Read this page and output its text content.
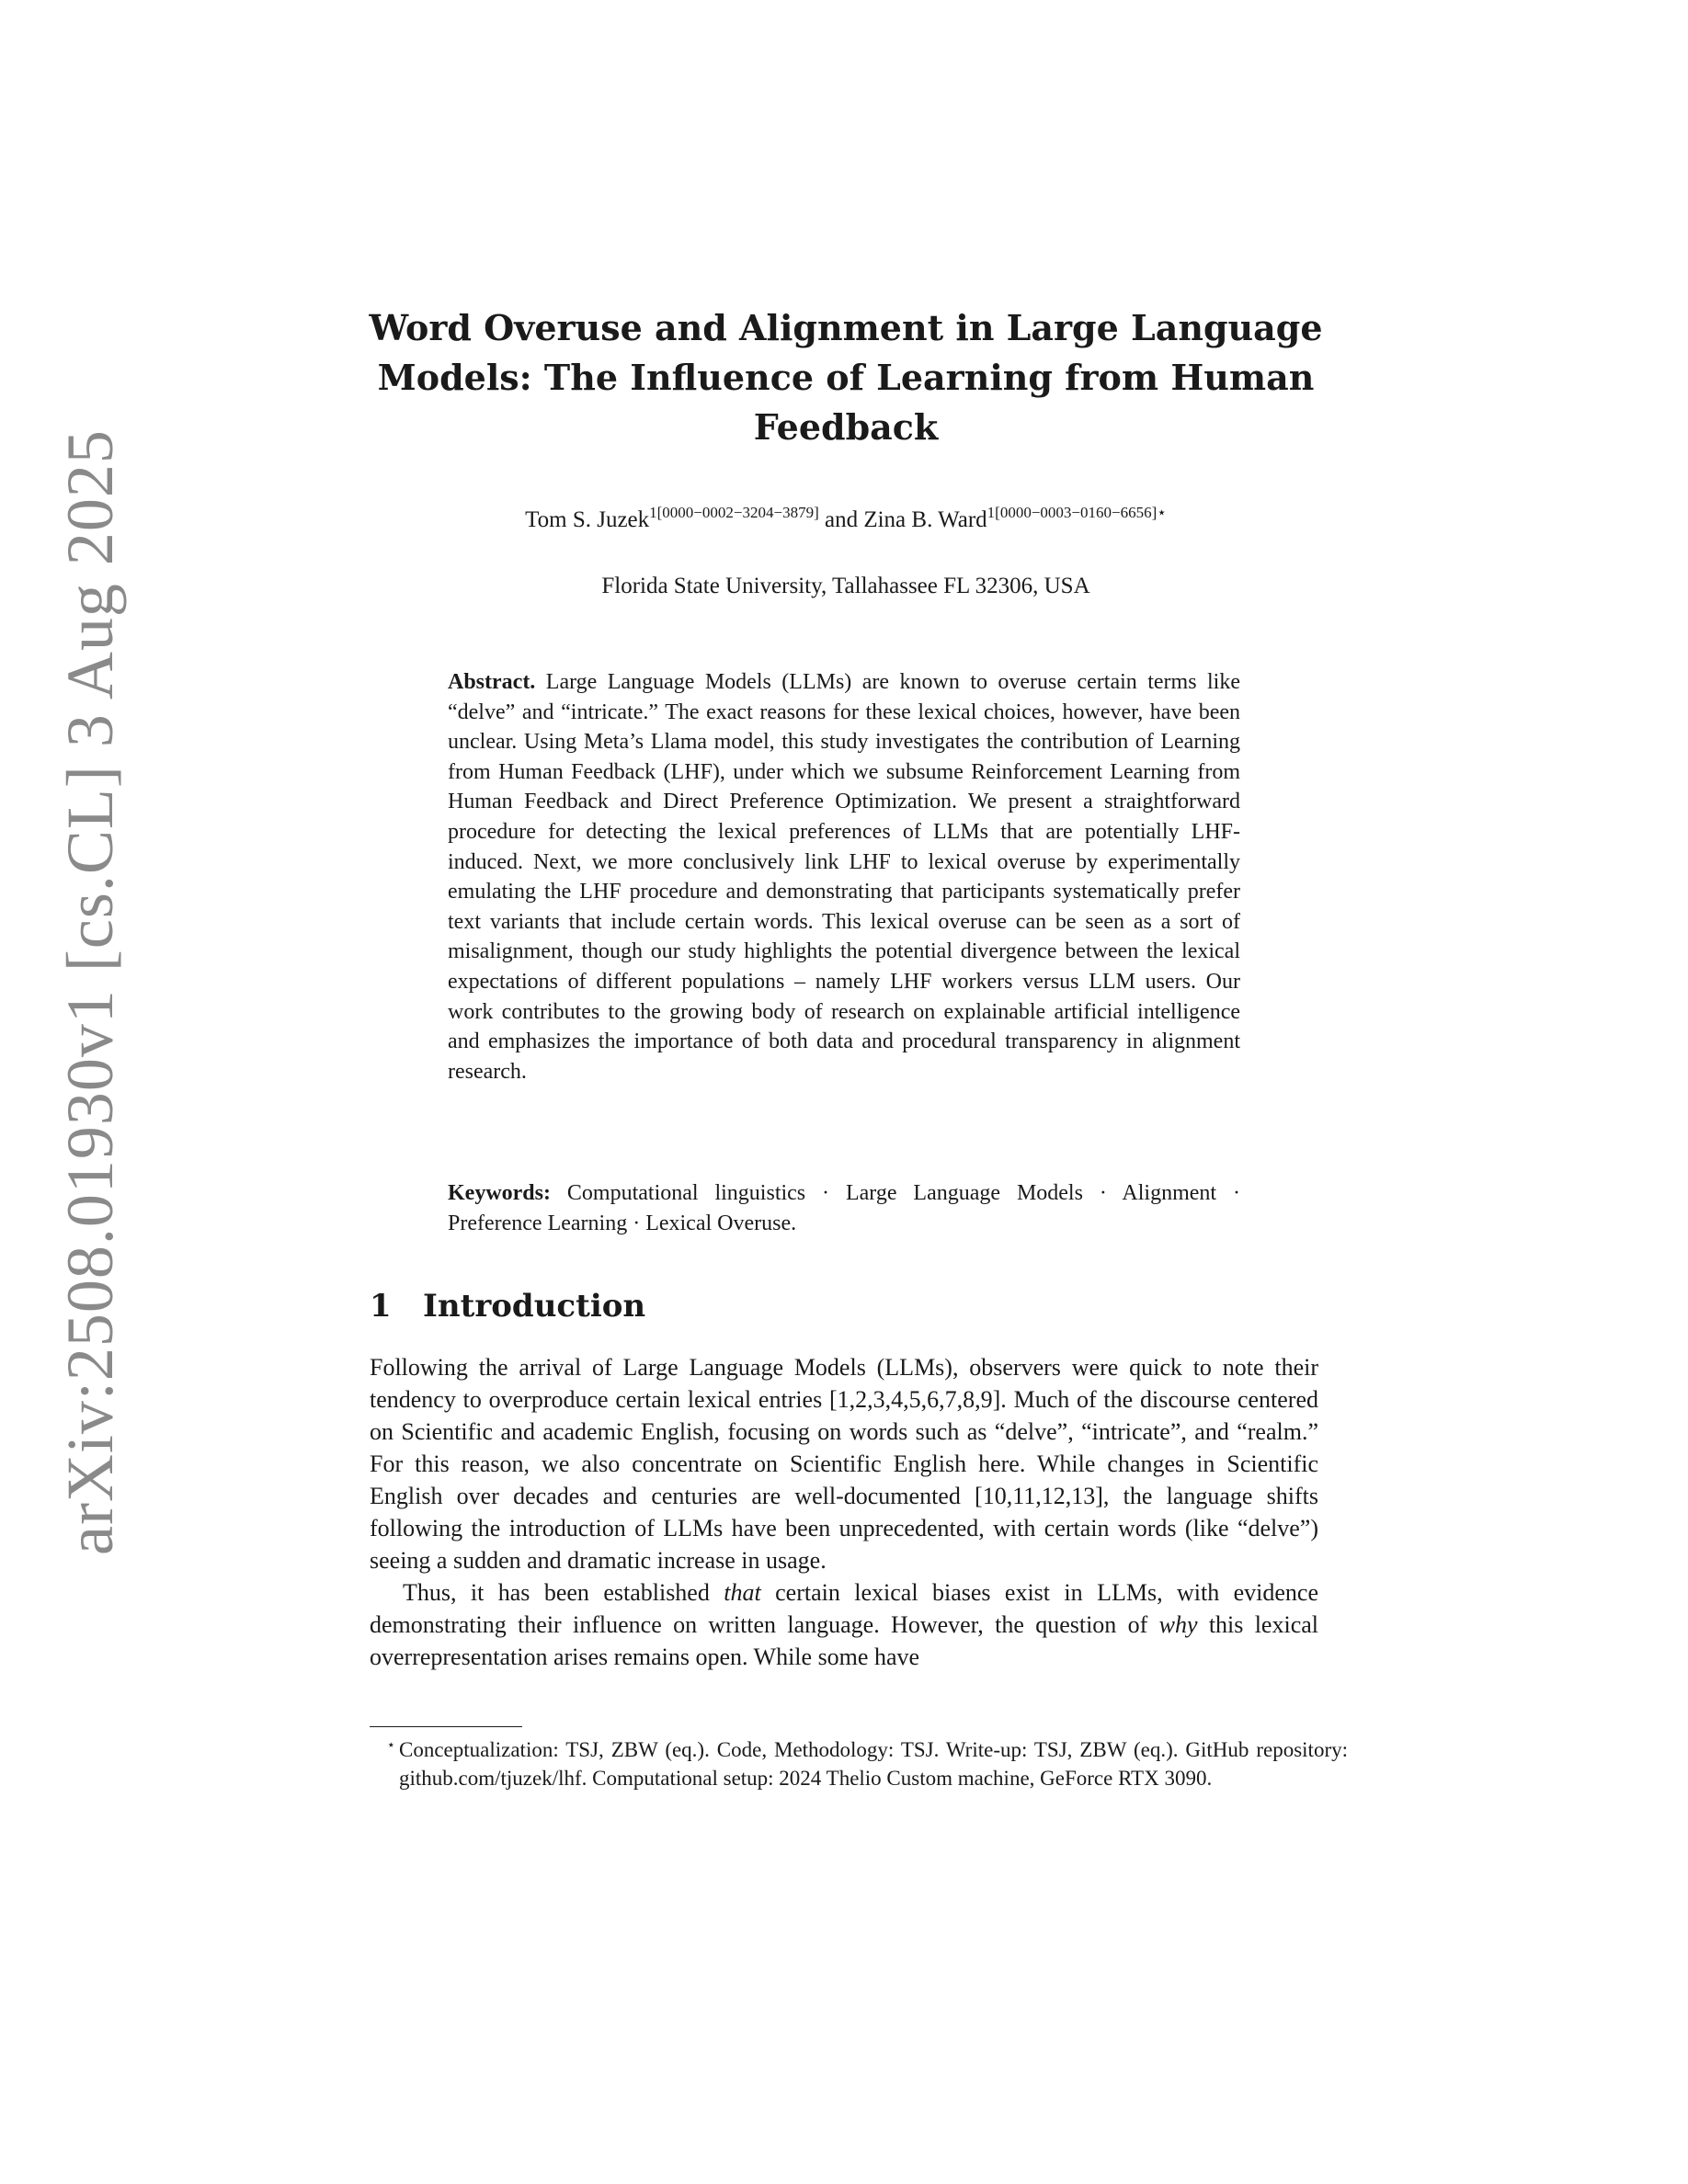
arXiv:2508.01930v1 [cs.CL] 3 Aug 2025
Word Overuse and Alignment in Large Language Models: The Influence of Learning from Human Feedback
Tom S. Juzek$^{1[0000-0002-3204-3879]}$ and Zina B. Ward$^{1[0000-0003-0160-6656]⋆}$
Florida State University, Tallahassee FL 32306, USA
Abstract. Large Language Models (LLMs) are known to overuse certain terms like “delve” and “intricate.” The exact reasons for these lexical choices, however, have been unclear. Using Meta’s Llama model, this study investigates the contribution of Learning from Human Feedback (LHF), under which we subsume Reinforcement Learning from Human Feedback and Direct Preference Optimization. We present a straightforward procedure for detecting the lexical preferences of LLMs that are potentially LHF-induced. Next, we more conclusively link LHF to lexical overuse by experimentally emulating the LHF procedure and demonstrating that participants systematically prefer text variants that include certain words. This lexical overuse can be seen as a sort of misalignment, though our study highlights the potential divergence between the lexical expectations of different populations – namely LHF workers versus LLM users. Our work contributes to the growing body of research on explainable artificial intelligence and emphasizes the importance of both data and procedural transparency in alignment research.
Keywords: Computational linguistics · Large Language Models · Alignment · Preference Learning · Lexical Overuse.
1 Introduction

Following the arrival of Large Language Models (LLMs), observers were quick to note their tendency to overproduce certain lexical entries [1,2,3,4,5,6,7,8,9]. Much of the discourse centered on Scientific and academic English, focusing on words such as “delve”, “intricate”, and “realm.” For this reason, we also concentrate on Scientific English here. While changes in Scientific English over decades and centuries are well-documented [10,11,12,13], the language shifts following the introduction of LLMs have been unprecedented, with certain words (like “delve”) seeing a sudden and dramatic increase in usage.

Thus, it has been established that certain lexical biases exist in LLMs, with evidence demonstrating their influence on written language. However, the question of why this lexical overrepresentation arises remains open. While some have

⋆ Conceptualization: TSJ, ZBW (eq.). Code, Methodology: TSJ. Write-up: TSJ, ZBW (eq.). GitHub repository: github.com/tjuzek/lhf. Computational setup: 2024 Thelio Custom machine, GeForce RTX 3090.
